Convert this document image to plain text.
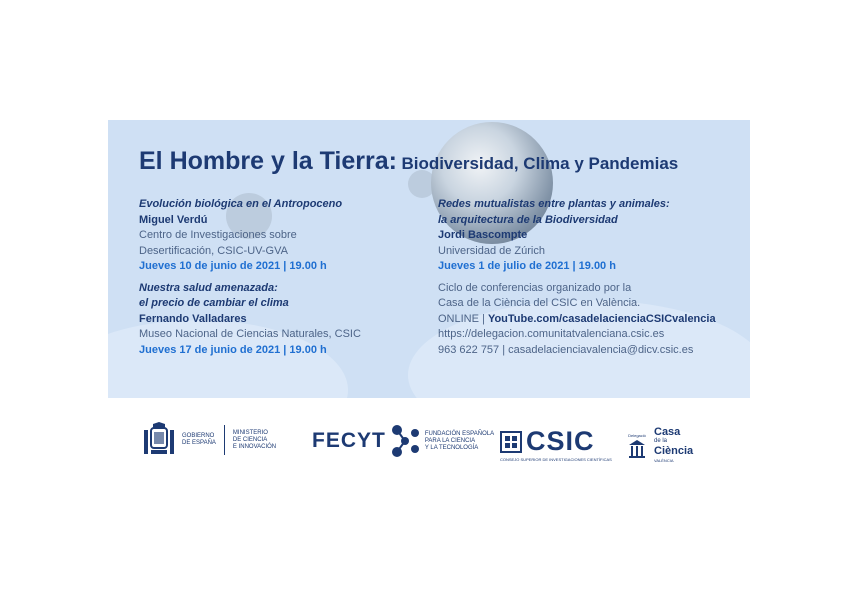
El Hombre y la Tierra: Biodiversidad, Clima y Pandemias
Evolución biológica en el Antropoceno
Miguel Verdú
Centro de Investigaciones sobre
Desertificación, CSIC-UV-GVA
Jueves 10 de junio de 2021 | 19.00 h
Nuestra salud amenazada:
el precio de cambiar el clima
Fernando Valladares
Museo Nacional de Ciencias Naturales, CSIC
Jueves 17 de junio de 2021 | 19.00 h
Redes mutualistas entre plantas y animales:
la arquitectura de la Biodiversidad
Jordi Bascompte
Universidad de Zúrich
Jueves 1 de julio de 2021 | 19.00 h
Ciclo de conferencias organizado por la
Casa de la Ciència del CSIC en València.
ONLINE | YouTube.com/casadelacienciaCSICvalencia
https://delegacion.comunitatvalenciana.csic.es
963 622 757 | casadelacienciavalencia@dicv.csic.es
GOBIERNO
DE ESPAÑA
MINISTERIO
DE CIENCIA
E INNOVACIÓN FECYT	FUNDACIÓN ESPAÑOLA
PARA LA CIENCIA
Y LA TECNOLOGÍA	CSIC
CONSEJO SUPERIOR DE INVESTIGACIONES CIENTÍFICAS
Delegació Casa
de la
Ciència
VALÈNCIA
